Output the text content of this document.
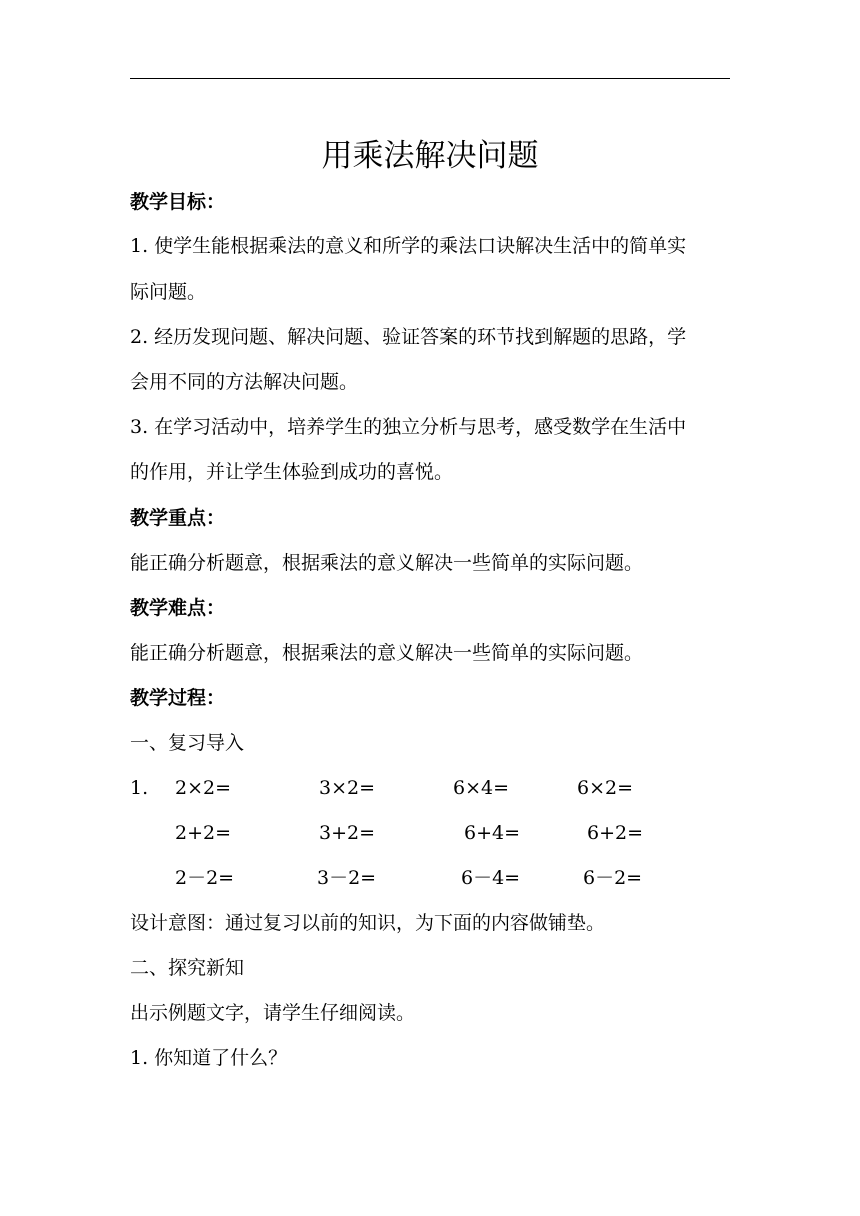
用乘法解决问题
教学目标：
1. 使学生能根据乘法的意义和所学的乘法口诀解决生活中的简单实
际问题。
2. 经历发现问题、解决问题、验证答案的环节找到解题的思路，学
会用不同的方法解决问题。
3. 在学习活动中，培养学生的独立分析与思考，感受数学在生活中
的作用，并让学生体验到成功的喜悦。
教学重点：
能正确分析题意，根据乘法的意义解决一些简单的实际问题。
教学难点：
能正确分析题意，根据乘法的意义解决一些简单的实际问题。
教学过程：
一、复习导入
1. 2×2=	3×2=	6×4=	6×2=
2+2=	3+2=	6+4=	6+2=
2－2=	3－2=	6－4=	6－2=
设计意图：通过复习以前的知识，为下面的内容做铺垫。
二、探究新知
出示例题文字，请学生仔细阅读。
1. 你知道了什么？
